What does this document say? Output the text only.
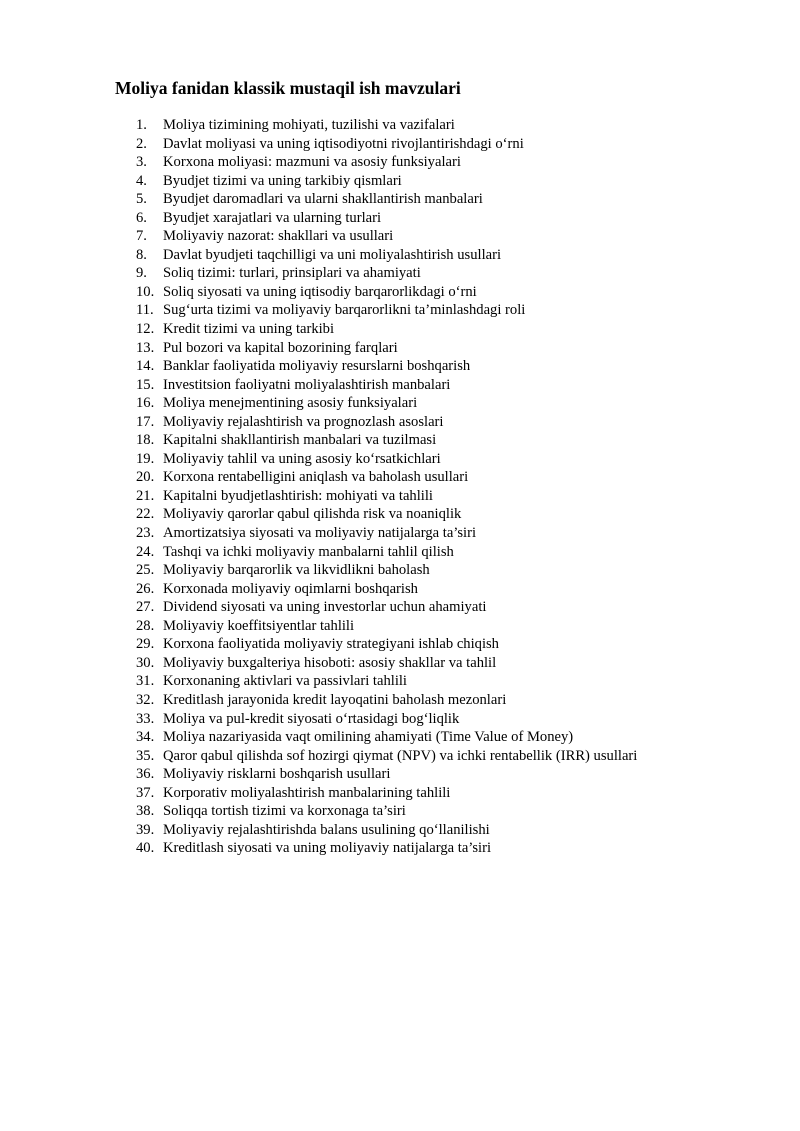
Moliya fanidan klassik mustaqil ish mavzulari
1.	Moliya tizimining mohiyati, tuzilishi va vazifalari
2.	Davlat moliyasi va uning iqtisodiyotni rivojlantirishdagi o‘rni
3.	Korxona moliyasi: mazmuni va asosiy funksiyalari
4.	Byudjet tizimi va uning tarkibiy qismlari
5.	Byudjet daromadlari va ularni shakllantirish manbalari
6.	Byudjet xarajatlari va ularning turlari
7.	Moliyaviy nazorat: shakllari va usullari
8.	Davlat byudjeti taqchilligi va uni moliyalashtirish usullari
9.	Soliq tizimi: turlari, prinsiplari va ahamiyati
10. Soliq siyosati va uning iqtisodiy barqarorlikdagi o‘rni
11. Sug‘urta tizimi va moliyaviy barqarorlikni ta’minlashdagi roli
12. Kredit tizimi va uning tarkibi
13. Pul bozori va kapital bozorining farqlari
14. Banklar faoliyatida moliyaviy resurslarni boshqarish
15. Investitsion faoliyatni moliyalashtirish manbalari
16. Moliya menejmentining asosiy funksiyalari
17. Moliyaviy rejalashtirish va prognozlash asoslari
18. Kapitalni shakllantirish manbalari va tuzilmasi
19. Moliyaviy tahlil va uning asosiy ko‘rsatkichlari
20. Korxona rentabelligini aniqlash va baholash usullari
21. Kapitalni byudjetlashtirish: mohiyati va tahlili
22. Moliyaviy qarorlar qabul qilishda risk va noaniqlik
23. Amortizatsiya siyosati va moliyaviy natijalarga ta’siri
24. Tashqi va ichki moliyaviy manbalarni tahlil qilish
25. Moliyaviy barqarorlik va likvidlikni baholash
26. Korxonada moliyaviy oqimlarni boshqarish
27. Dividend siyosati va uning investorlar uchun ahamiyati
28. Moliyaviy koeffitsiyentlar tahlili
29. Korxona faoliyatida moliyaviy strategiyani ishlab chiqish
30. Moliyaviy buxgalteriya hisoboti: asosiy shakllar va tahlil
31. Korxonaning aktivlari va passivlari tahlili
32. Kreditlash jarayonida kredit layoqatini baholash mezonlari
33. Moliya va pul-kredit siyosati o‘rtasidagi bog‘liqlik
34. Moliya nazariyasida vaqt omilining ahamiyati (Time Value of Money)
35. Qaror qabul qilishda sof hozirgi qiymat (NPV) va ichki rentabellik (IRR) usullari
36. Moliyaviy risklarni boshqarish usullari
37. Korporativ moliyalashtirish manbalarining tahlili
38. Soliqqa tortish tizimi va korxonaga ta’siri
39. Moliyaviy rejalashtirishda balans usulining qo‘llanilishi
40. Kreditlash siyosati va uning moliyaviy natijalarga ta’siri
